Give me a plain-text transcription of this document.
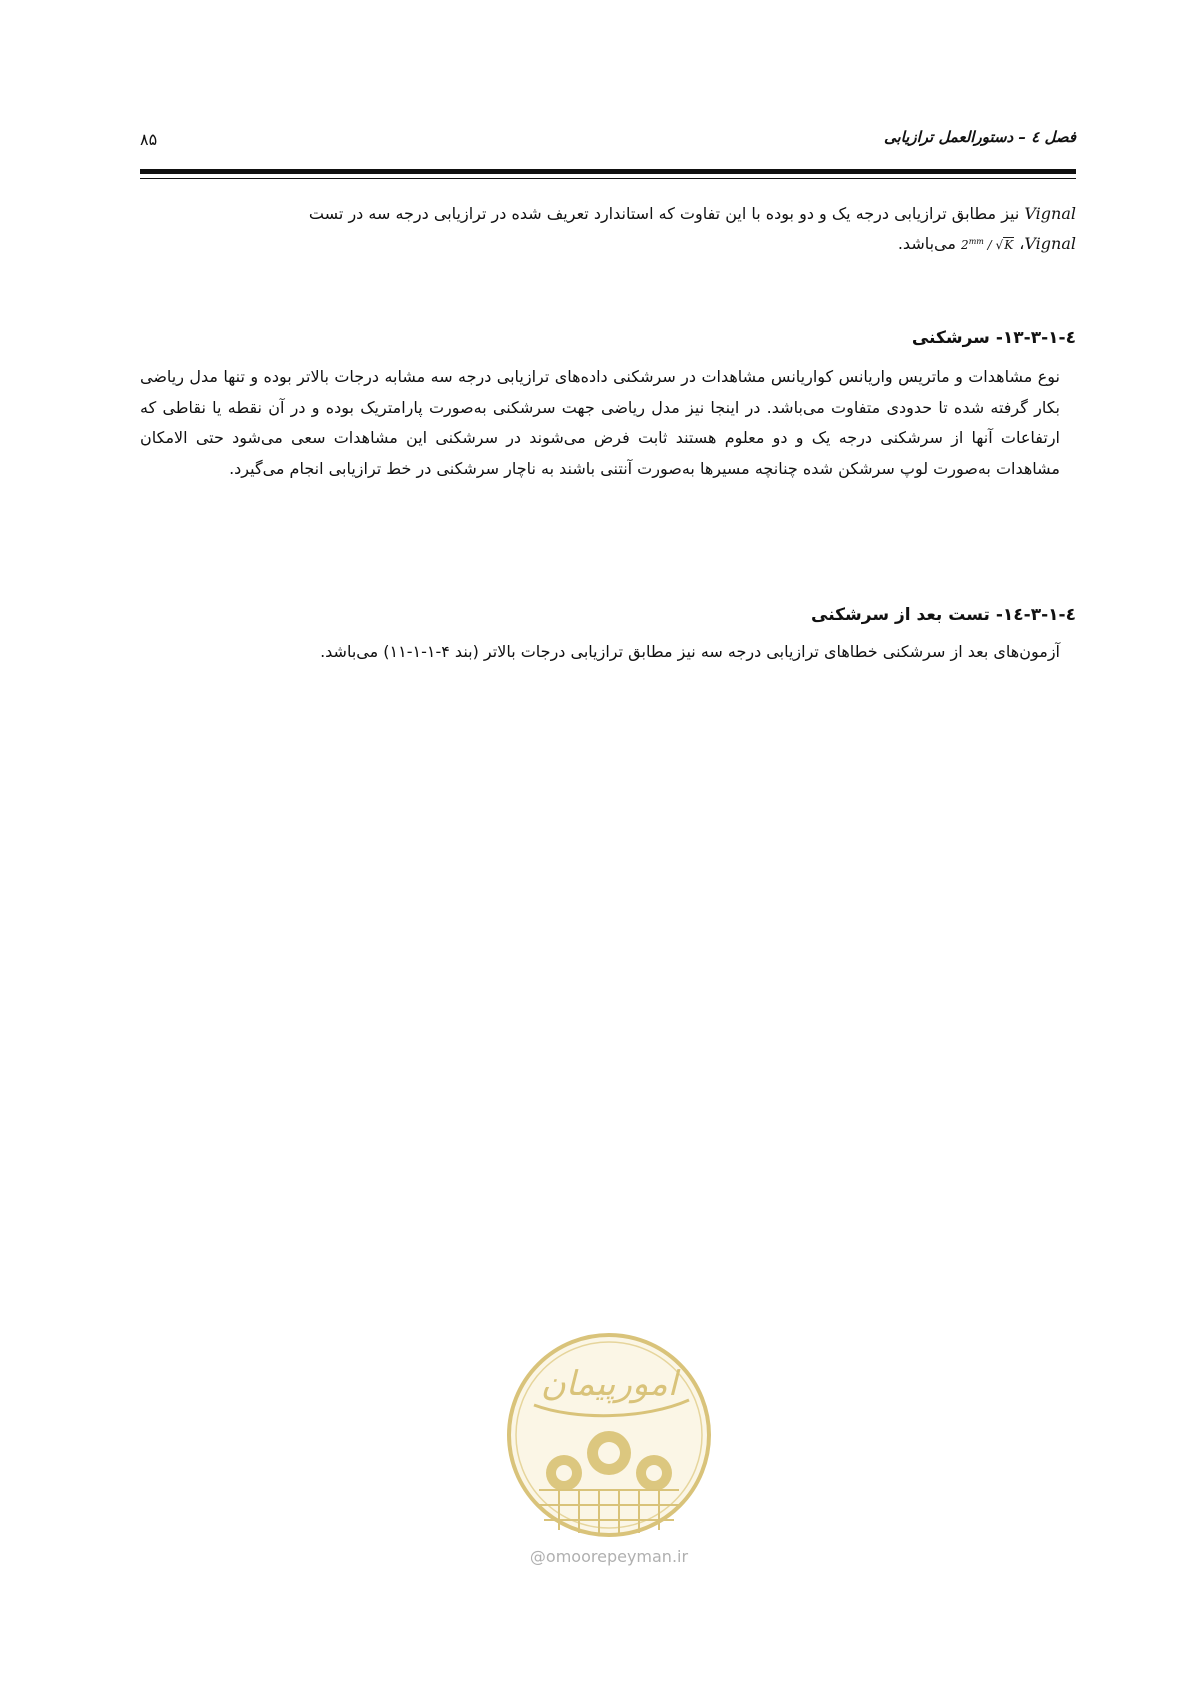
فصل ٤ – دستورالعمل ترازیابی
۸۵

Vignal نیز مطابق ترازیابی درجه یک و دو بوده با این تفاوت که استاندارد تعریف شده در ترازیابی درجه سه در تست

Vignal، $2^{mm} / √K$ می‌باشد.

٤-١-٣-١٣- سرشکنی

نوع مشاهدات و ماتریس واریانس کواریانس مشاهدات در سرشکنی داده‌های ترازیابی درجه سه مشابه درجات بالاتر بوده و تنها مدل ریاضی بکار گرفته شده تا حدودی متفاوت می‌باشد. در اینجا نیز مدل ریاضی جهت سرشکنی به‌صورت پارامتریک بوده و در آن نقطه یا نقاطی که ارتفاعات آنها از سرشکنی درجه یک و دو معلوم هستند ثابت فرض می‌شوند در سرشکنی این مشاهدات سعی می‌شود حتی الامکان مشاهدات به‌صورت لوپ سرشکن شده چنانچه مسیرها به‌صورت آنتنی باشند به ناچار سرشکنی در خط ترازیابی انجام می‌گیرد.

٤-١-٣-١٤- تست بعد از سرشکنی

آزمون‌های بعد از سرشکنی خطاهای ترازیابی درجه سه نیز مطابق ترازیابی درجات بالاتر (بند ۴-۱-۱-۱۱) می‌باشد.

امورپیمان
@omoorepeyman.ir
